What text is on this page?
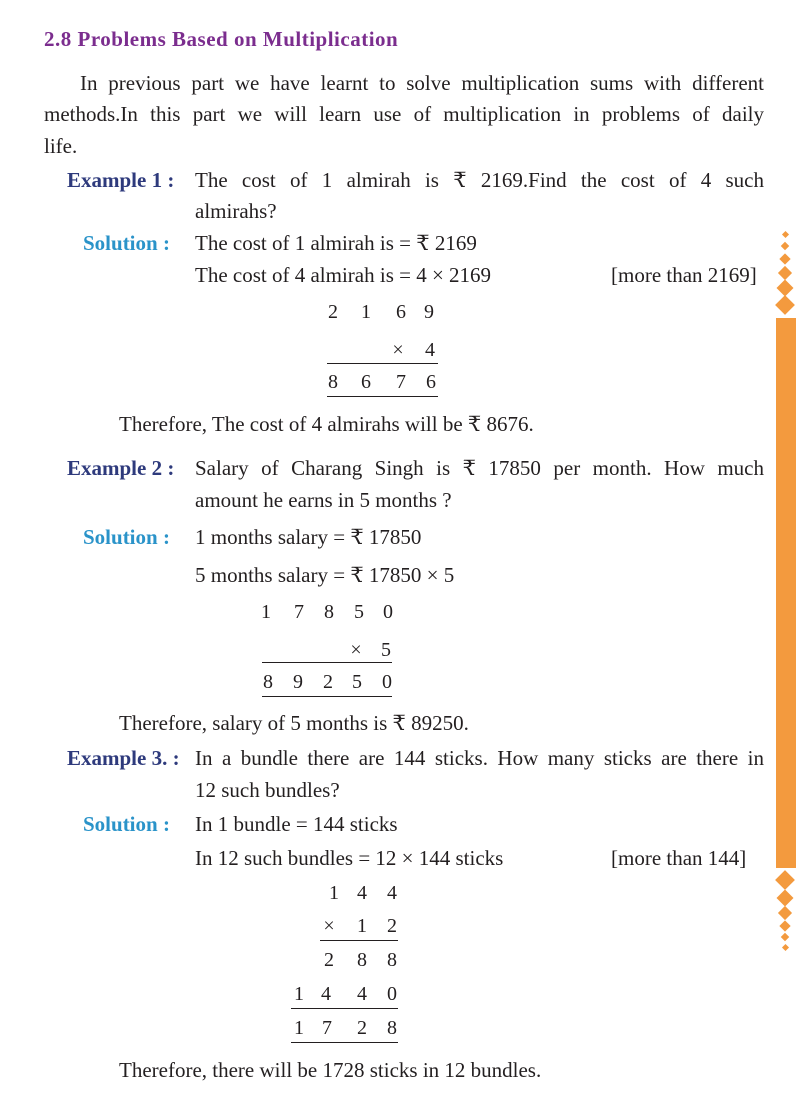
2.8 Problems Based on Multiplication
In previous part we have learnt to solve multiplication sums with different
methods.In this part we will learn use of multiplication in problems of daily
life.
Example 1 : The cost of 1 almirah is ₹ 2169.Find the cost of 4 such
almirahs?
Solution : The cost of 1 almirah is = ₹ 2169
The cost of 4 almirah is = 4 × 2169	[more than 2169]
2 1 6 9
× 4
8 6 7 6
Therefore, The cost of 4 almirahs will be ₹ 8676.
Example 2 : Salary of Charang Singh is ₹ 17850 per month. How much
amount he earns in 5 months ?
Solution : 1 months salary = ₹ 17850
5 months salary = ₹ 17850 × 5
1 7 8 5 0
× 5
8 9 2 5 0
Therefore, salary of 5 months is ₹ 89250.
Example 3. : In a bundle there are 144 sticks. How many sticks are there in
12 such bundles?
Solution : In 1 bundle = 144 sticks
In 12 such bundles = 12 × 144 sticks	[more than 144]
1 4 4
× 1 2
2 8 8
1 4 4 0
1 7 2 8
Therefore, there will be 1728 sticks in 12 bundles.
